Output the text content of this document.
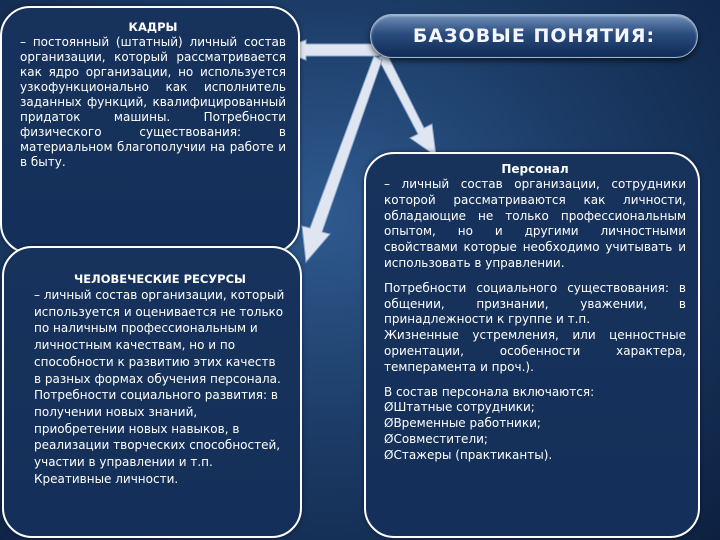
БАЗОВЫЕ ПОНЯТИЯ:

КАДРЫ

– постоянный (штатный) личный состав организации, который рассматривается как ядро организации, но используется узкофункционально как исполнитель заданных функций, квалифицированный придаток машины. Потребности физического существования: в материальном благополучии на работе и в быту.

ЧЕЛОВЕЧЕСКИЕ РЕСУРСЫ

– личный состав организации, который используется и оценивается не только по наличным профессиональным и личностным качествам, но и по способности к развитию этих качеств в разных формах обучения персонала. Потребности социального развития: в получении новых знаний, приобретении новых навыков, в реализации творческих способностей, участии в управлении и т.п. Креативные личности.

Персонал

– личный состав организации, сотрудники которой рассматриваются как личности, обладающие не только профессиональным опытом, но и другими личностными свойствами которые необходимо учитывать и использовать в управлении.

Потребности социального существования: в общении, признании, уважении, в принадлежности к группе и т.п.

Жизненные устремления, или ценностные ориентации, особенности характера, темперамента и проч.).

В состав персонала включаются:

ØШтатные сотрудники;

ØВременные работники;

ØСовместители;

ØСтажеры (практиканты).
